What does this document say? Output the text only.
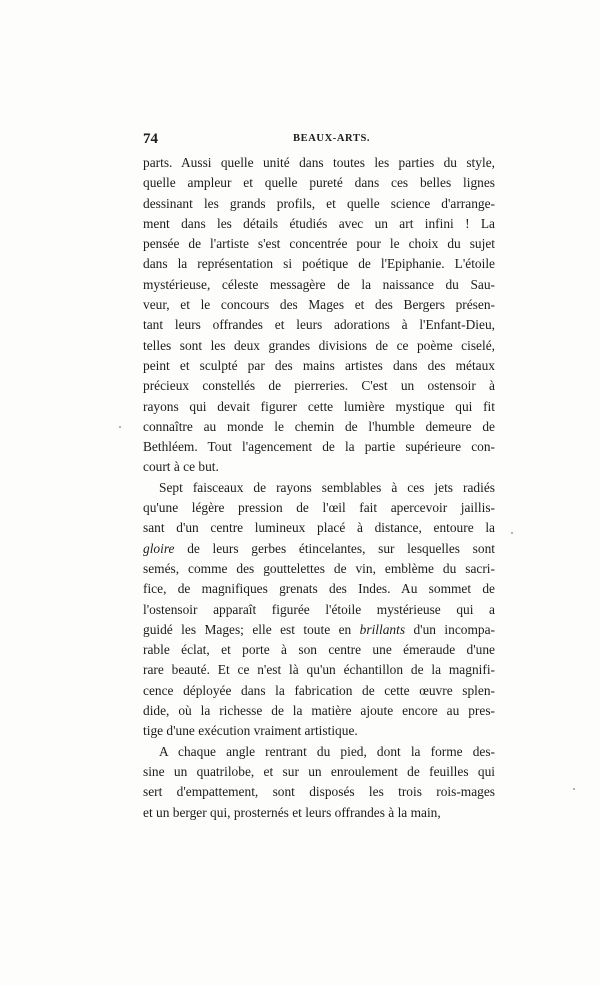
74	BEAUX-ARTS.
parts. Aussi quelle unité dans toutes les parties du style,
quelle ampleur et quelle pureté dans ces belles lignes
dessinant les grands profils, et quelle science d'arrange-
ment dans les détails étudiés avec un art infini ! La
pensée de l'artiste s'est concentrée pour le choix du sujet
dans la représentation si poétique de l'Epiphanie. L'étoile
mystérieuse, céleste messagère de la naissance du Sau-
veur, et le concours des Mages et des Bergers présen-
tant leurs offrandes et leurs adorations à l'Enfant-Dieu,
telles sont les deux grandes divisions de ce poème ciselé,
peint et sculpté par des mains artistes dans des métaux
précieux constellés de pierreries. C'est un ostensoir à
rayons qui devait figurer cette lumière mystique qui fit
connaître au monde le chemin de l'humble demeure de
Bethléem. Tout l'agencement de la partie supérieure con-
court à ce but.
Sept faisceaux de rayons semblables à ces jets radiés
qu'une légère pression de l'œil fait apercevoir jaillis-
sant d'un centre lumineux placé à distance, entoure la
gloire de leurs gerbes étincelantes, sur lesquelles sont
semés, comme des gouttelettes de vin, emblème du sacri-
fice, de magnifiques grenats des Indes. Au sommet de
l'ostensoir apparaît figurée l'étoile mystérieuse qui a
guidé les Mages; elle est toute en brillants d'un incompa-
rable éclat, et porte à son centre une émeraude d'une
rare beauté. Et ce n'est là qu'un échantillon de la magnifi-
cence déployée dans la fabrication de cette œuvre splen-
dide, où la richesse de la matière ajoute encore au pres-
tige d'une exécution vraiment artistique.
A chaque angle rentrant du pied, dont la forme des-
sine un quatrilobe, et sur un enroulement de feuilles qui
sert d'empattement, sont disposés les trois rois-mages
et un berger qui, prosternés et leurs offrandes à la main,
